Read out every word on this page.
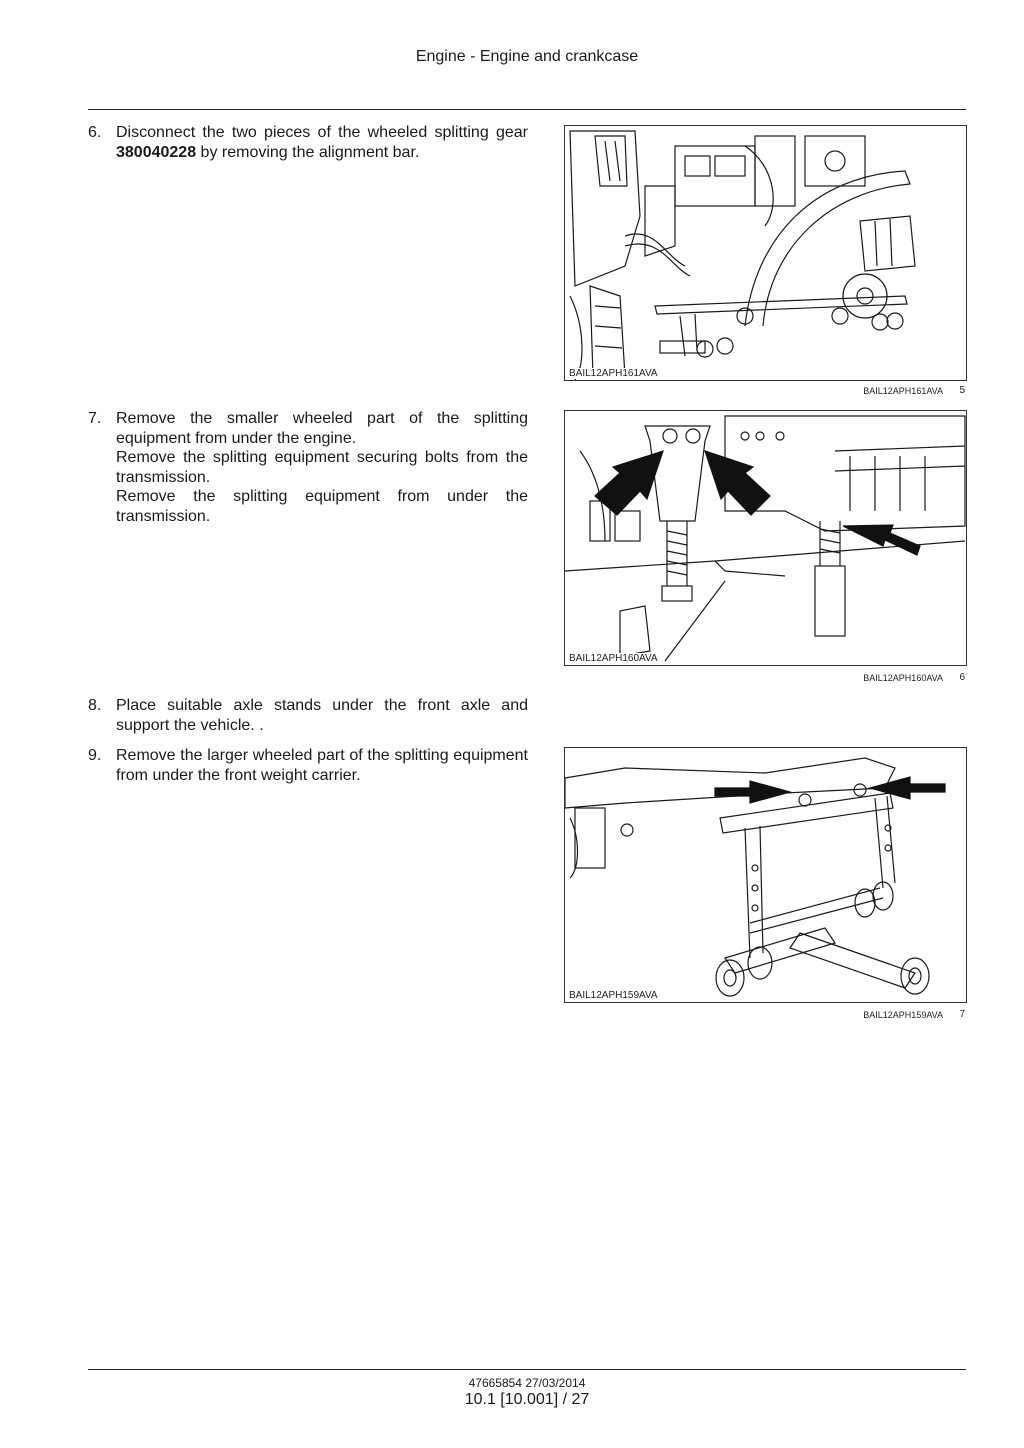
Engine - Engine and crankcase
6. Disconnect the two pieces of the wheeled splitting gear 380040228 by removing the alignment bar.

7. Remove the smaller wheeled part of the splitting equipment from under the engine.

Remove the splitting equipment securing bolts from the transmission.

Remove the splitting equipment from under the transmission.

8. Place suitable axle stands under the front axle and support the vehicle. .

9. Remove the larger wheeled part of the splitting equipment from under the front weight carrier.

BAIL12APH161AVA
BAIL12APH161AVA 5
BAIL12APH160AVA
BAIL12APH160AVA 6
BAIL12APH159AVA
BAIL12APH159AVA 7
47665854 27/03/2014
10.1 [10.001] / 27
